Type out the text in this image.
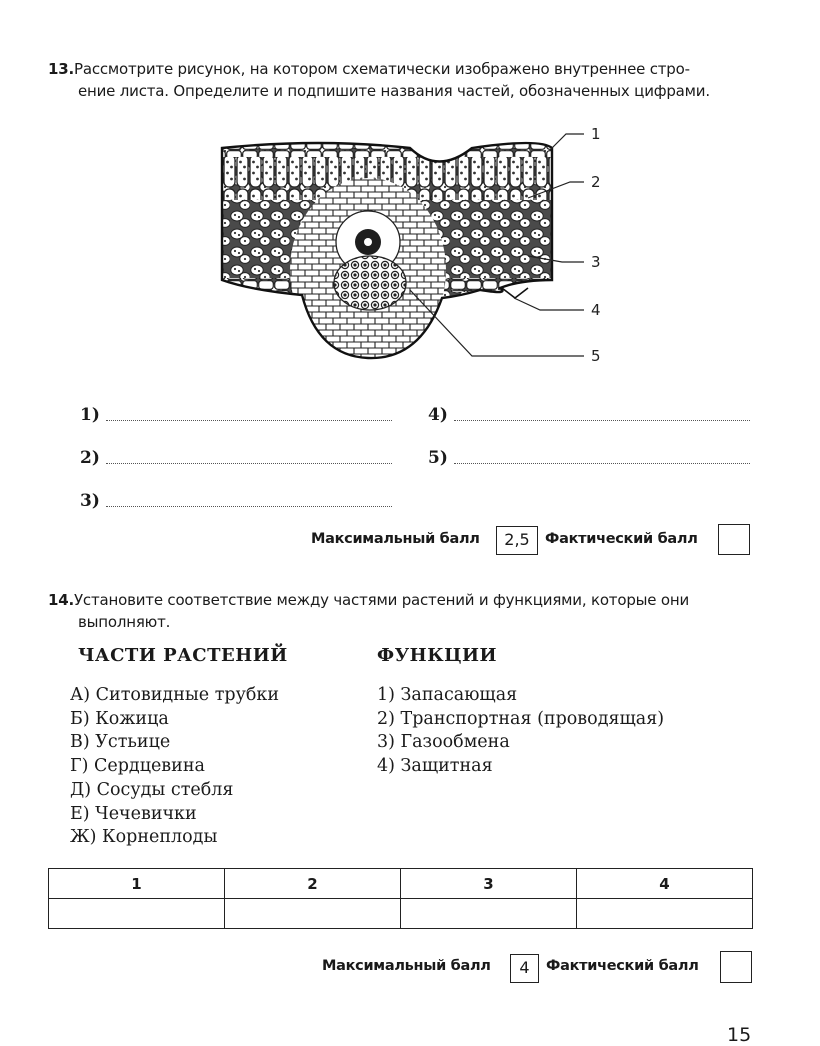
13.Рассмотрите рисунок, на котором схематически изображено внутреннее стро-
ение листа. Определите и подпишите названия частей, обозначенных цифрами.
1
2
3
4
5
1)
2)
3)
4)
5)
Максимальный балл	2,5	Фактический балл
14.Установите соответствие между частями растений и функциями, которые они
выполняют.
ЧАСТИ РАСТЕНИЙ	ФУНКЦИИ
А) Ситовидные трубки
Б) Кожица
В) Устьице
Г) Сердцевина
Д) Сосуды стебля
Е) Чечевички
Ж) Корнеплоды
1) Запасающая
2) Транспортная (проводящая)
3) Газообмена
4) Защитная
1	2	3	4

Максимальный балл	4	Фактический балл
15
